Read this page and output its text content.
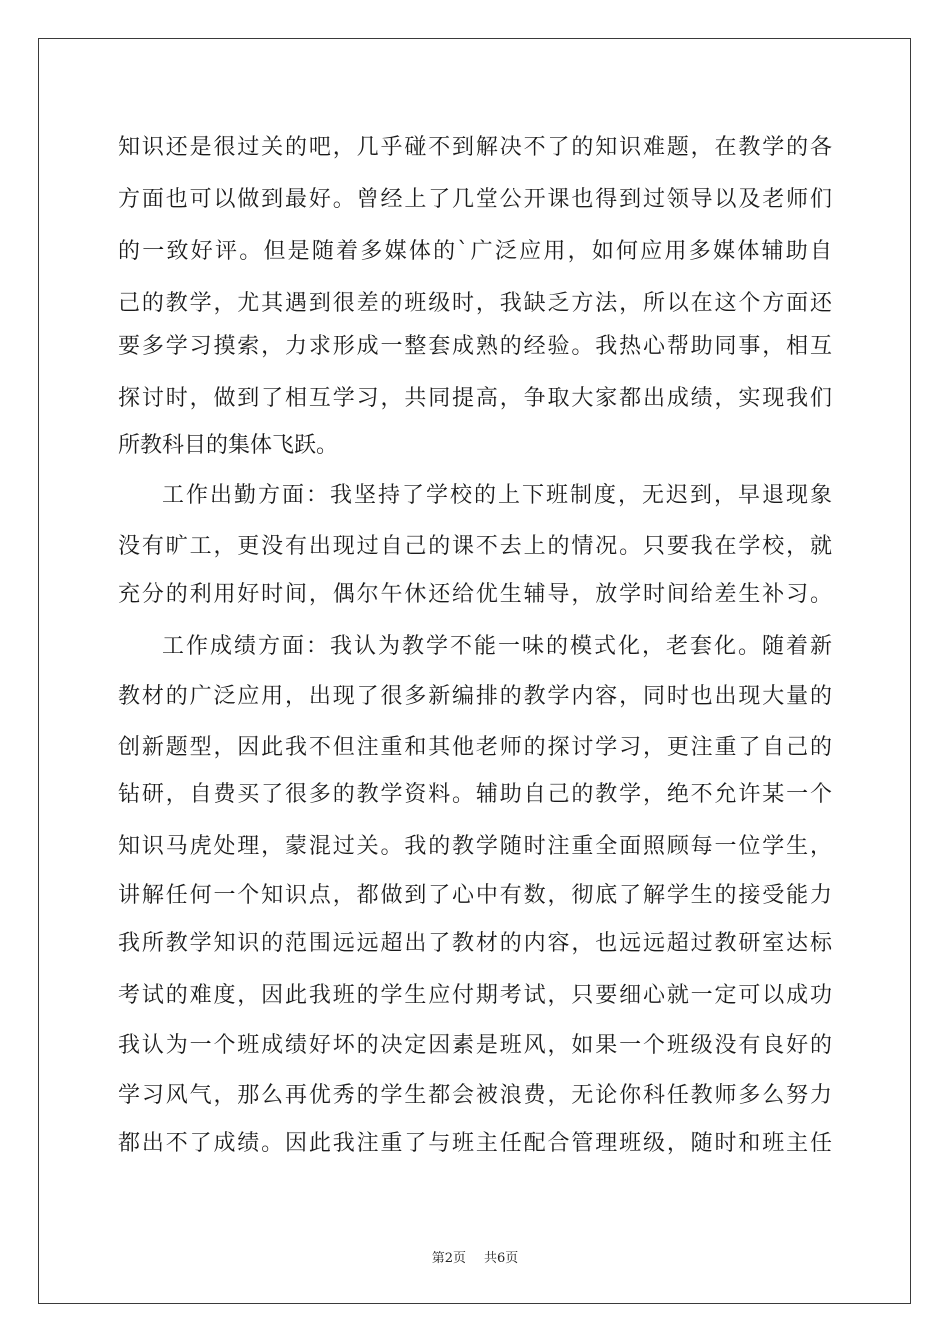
知识还是很过关的吧，几乎碰不到解决不了的知识难题，在教学的各
方面也可以做到最好。曾经上了几堂公开课也得到过领导以及老师们
的一致好评。但是随着多媒体的`广泛应用，如何应用多媒体辅助自
己的教学，尤其遇到很差的班级时，我缺乏方法，所以在这个方面还
要多学习摸索，力求形成一整套成熟的经验。我热心帮助同事，相互
探讨时，做到了相互学习，共同提高，争取大家都出成绩，实现我们
所教科目的集体飞跃。
工作出勤方面：我坚持了学校的上下班制度，无迟到，早退现象
没有旷工，更没有出现过自己的课不去上的情况。只要我在学校，就
充分的利用好时间，偶尔午休还给优生辅导，放学时间给差生补习。
工作成绩方面：我认为教学不能一味的模式化，老套化。随着新
教材的广泛应用，出现了很多新编排的教学内容，同时也出现大量的
创新题型，因此我不但注重和其他老师的探讨学习，更注重了自己的
钻研，自费买了很多的教学资料。辅助自己的教学，绝不允许某一个
知识马虎处理，蒙混过关。我的教学随时注重全面照顾每一位学生，
讲解任何一个知识点，都做到了心中有数，彻底了解学生的接受能力
我所教学知识的范围远远超出了教材的内容，也远远超过教研室达标
考试的难度，因此我班的学生应付期考试，只要细心就一定可以成功
我认为一个班成绩好坏的决定因素是班风，如果一个班级没有良好的
学习风气，那么再优秀的学生都会被浪费，无论你科任教师多么努力
都出不了成绩。因此我注重了与班主任配合管理班级，随时和班主任
第2页 共6页
